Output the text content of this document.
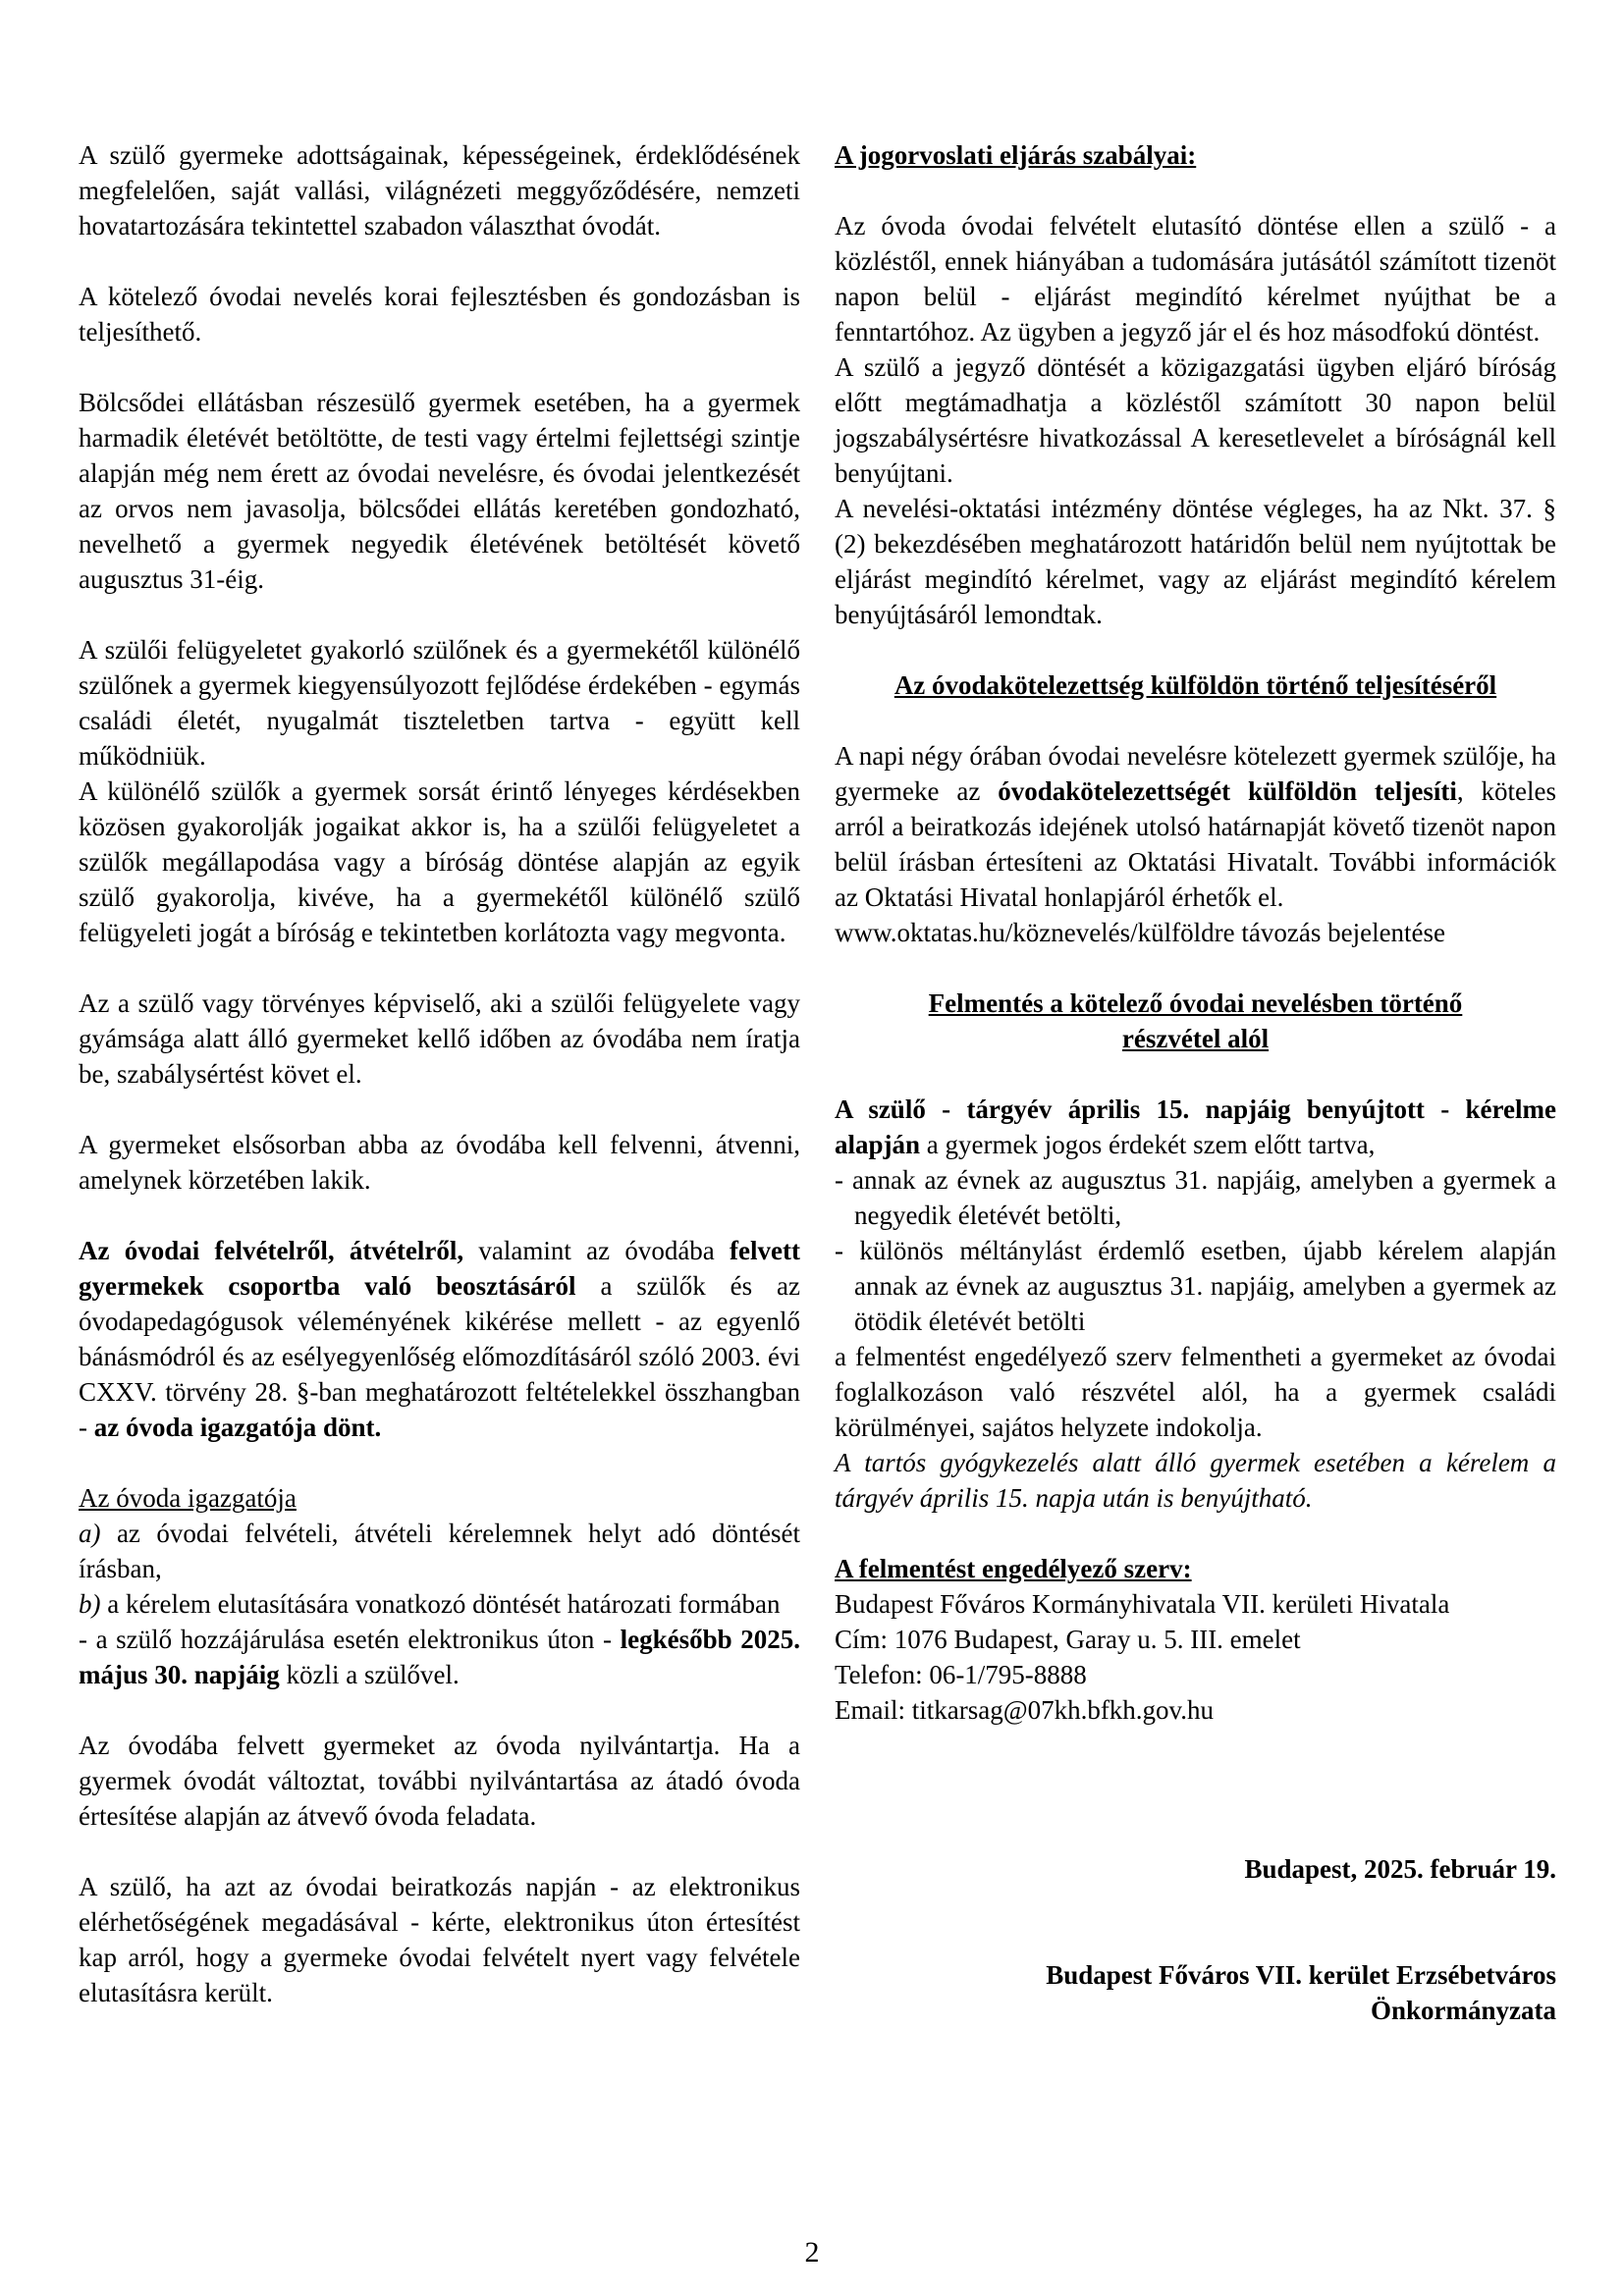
A szülő gyermeke adottságainak, képességeinek, érdeklődésének megfelelően, saját vallási, világnézeti meggyőződésére, nemzeti hovatartozására tekintettel szabadon választhat óvodát.

A kötelező óvodai nevelés korai fejlesztésben és gondozásban is teljesíthető.

Bölcsődei ellátásban részesülő gyermek esetében, ha a gyermek harmadik életévét betöltötte, de testi vagy értelmi fejlettségi szintje alapján még nem érett az óvodai nevelésre, és óvodai jelentkezését az orvos nem javasolja, bölcsődei ellátás keretében gondozható, nevelhető a gyermek negyedik életévének betöltését követő augusztus 31-éig.

A szülői felügyeletet gyakorló szülőnek és a gyermekétől különélő szülőnek a gyermek kiegyensúlyozott fejlődése érdekében - egymás családi életét, nyugalmát tiszteletben tartva - együtt kell működniük.

A különélő szülők a gyermek sorsát érintő lényeges kérdésekben közösen gyakorolják jogaikat akkor is, ha a szülői felügyeletet a szülők megállapodása vagy a bíróság döntése alapján az egyik szülő gyakorolja, kivéve, ha a gyermekétől különélő szülő felügyeleti jogát a bíróság e tekintetben korlátozta vagy megvonta.

Az a szülő vagy törvényes képviselő, aki a szülői felügyelete vagy gyámsága alatt álló gyermeket kellő időben az óvodába nem íratja be, szabálysértést követ el.

A gyermeket elsősorban abba az óvodába kell felvenni, átvenni, amelynek körzetében lakik.

Az óvodai felvételről, átvételről, valamint az óvodába felvett gyermekek csoportba való beosztásáról a szülők és az óvodapedagógusok véleményének kikérése mellett - az egyenlő bánásmódról és az esélyegyenlőség előmozdításáról szóló 2003. évi CXXV. törvény 28. §-ban meghatározott feltételekkel összhangban - az óvoda igazgatója dönt.

Az óvoda igazgatója

a) az óvodai felvételi, átvételi kérelemnek helyt adó döntését írásban,

b) a kérelem elutasítására vonatkozó döntését határozati formában

- a szülő hozzájárulása esetén elektronikus úton - legkésőbb 2025. május 30. napjáig közli a szülővel.

Az óvodába felvett gyermeket az óvoda nyilvántartja. Ha a gyermek óvodát változtat, további nyilvántartása az átadó óvoda értesítése alapján az átvevő óvoda feladata.

A szülő, ha azt az óvodai beiratkozás napján - az elektronikus elérhetőségének megadásával - kérte, elektronikus úton értesítést kap arról, hogy a gyermeke óvodai felvételt nyert vagy felvétele elutasításra került.

A jogorvoslati eljárás szabályai:

Az óvoda óvodai felvételt elutasító döntése ellen a szülő - a közléstől, ennek hiányában a tudomására jutásától számított tizenöt napon belül - eljárást megindító kérelmet nyújthat be a fenntartóhoz. Az ügyben a jegyző jár el és hoz másodfokú döntést.

A szülő a jegyző döntését a közigazgatási ügyben eljáró bíróság előtt megtámadhatja a közléstől számított 30 napon belül jogszabálysértésre hivatkozással A keresetlevelet a bíróságnál kell benyújtani.

A nevelési-oktatási intézmény döntése végleges, ha az Nkt. 37. § (2) bekezdésében meghatározott határidőn belül nem nyújtottak be eljárást megindító kérelmet, vagy az eljárást megindító kérelem benyújtásáról lemondtak.

Az óvodakötelezettség külföldön történő teljesítéséről

A napi négy órában óvodai nevelésre kötelezett gyermek szülője, ha gyermeke az óvodakötelezettségét külföldön teljesíti, köteles arról a beiratkozás idejének utolsó határnapját követő tizenöt napon belül írásban értesíteni az Oktatási Hivatalt. További információk az Oktatási Hivatal honlapjáról érhetők el.

www.oktatas.hu/köznevelés/külföldre távozás bejelentése

Felmentés a kötelező óvodai nevelésben történő

részvétel alól

A szülő - tárgyév április 15. napjáig benyújtott - kérelme alapján a gyermek jogos érdekét szem előtt tartva,

- annak az évnek az augusztus 31. napjáig, amelyben a gyermek a negyedik életévét betölti,

- különös méltánylást érdemlő esetben, újabb kérelem alapján annak az évnek az augusztus 31. napjáig, amelyben a gyermek az ötödik életévét betölti

a felmentést engedélyező szerv felmentheti a gyermeket az óvodai foglalkozáson való részvétel alól, ha a gyermek családi körülményei, sajátos helyzete indokolja.

A tartós gyógykezelés alatt álló gyermek esetében a kérelem a tárgyév április 15. napja után is benyújtható.

A felmentést engedélyező szerv:

Budapest Főváros Kormányhivatala VII. kerületi Hivatala

Cím: 1076 Budapest, Garay u. 5. III. emelet

Telefon: 06-1/795-8888

Email: titkarsag@07kh.bfkh.gov.hu

Budapest, 2025. február 19.

Budapest Főváros VII. kerület Erzsébetváros

Önkormányzata

2
